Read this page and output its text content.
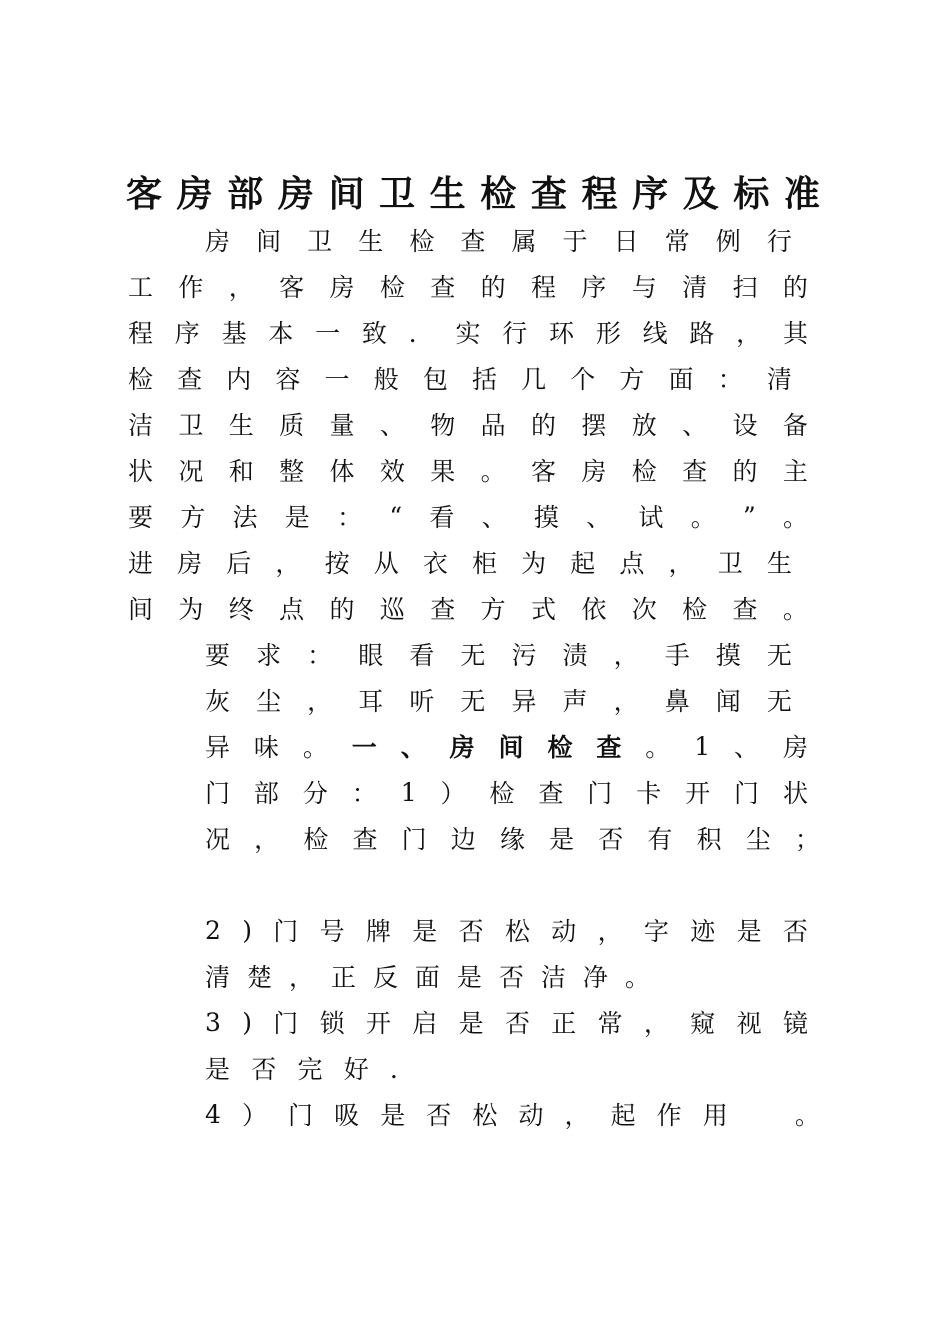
客 房 部 房 间 卫 生 检 查 程 序 及 标 准
房 间 卫 生 检 查 属 于 日 常 例 行
工 作 ， 客 房 检 查 的 程 序 与 清 扫 的
程 序 基 本 一 致 ． 实 行 环 形 线 路 ， 其
检 查 内 容 一 般 包 括 几 个 方 面 ： 清
洁 卫 生 质 量 、 物 品 的 摆 放 、 设 备
状 况 和 整 体 效 果 。 客 房 检 查 的 主
要 方 法 是 ： “ 看 、 摸 、 试 。 ” 。
进 房 后 ， 按 从 衣 柜 为 起 点 ， 卫 生
间 为 终 点 的 巡 查 方 式 依 次 检 查 。
要 求 ： 眼 看 无 污 渍 ， 手 摸 无
灰 尘 ， 耳 听 无 异 声 ， 鼻 闻 无
异 味 。 一 、 房 间 检 查 。 1 、 房
门 部 分 ： 1 ） 检 查 门 卡 开 门 状
况 ， 检 查 门 边 缘 是 否 有 积 尘 ；
2 ) 门 号 牌 是 否 松 动 ， 字 迹 是 否
清 楚 ， 正 反 面 是 否 洁 净 。
3 ) 门 锁 开 启 是 否 正 常 ， 窥 视 镜
是 否 完 好 ．
4 ） 门 吸 是 否 松 动 ， 起 作 用
　	。
